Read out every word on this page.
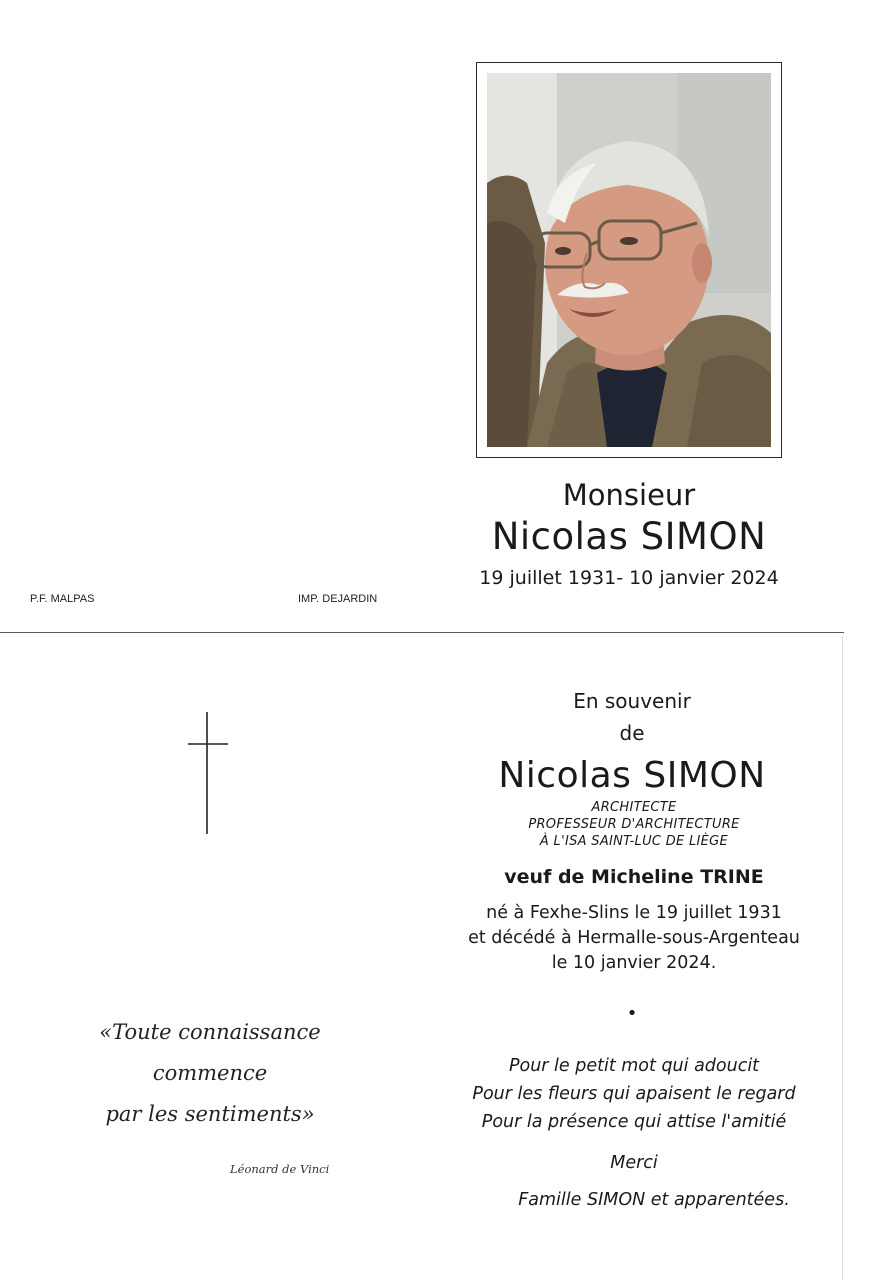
Monsieur
Nicolas SIMON
19 juillet 1931- 10 janvier 2024
P.F. MALPAS	IMP. DEJARDIN
En souvenir
de
Nicolas SIMON
ARCHITECTE
PROFESSEUR D'ARCHITECTURE
À L'ISA SAINT-LUC DE LIÈGE
veuf de Micheline TRINE
né à Fexhe-Slins le 19 juillet 1931
et décédé à Hermalle-sous-Argenteau
le 10 janvier 2024.
•
Pour le petit mot qui adoucit
Pour les fleurs qui apaisent le regard
Pour la présence qui attise l'amitié
Merci
Famille SIMON et apparentées.
«Toute connaissance
commence
par les sentiments»
Léonard de Vinci
